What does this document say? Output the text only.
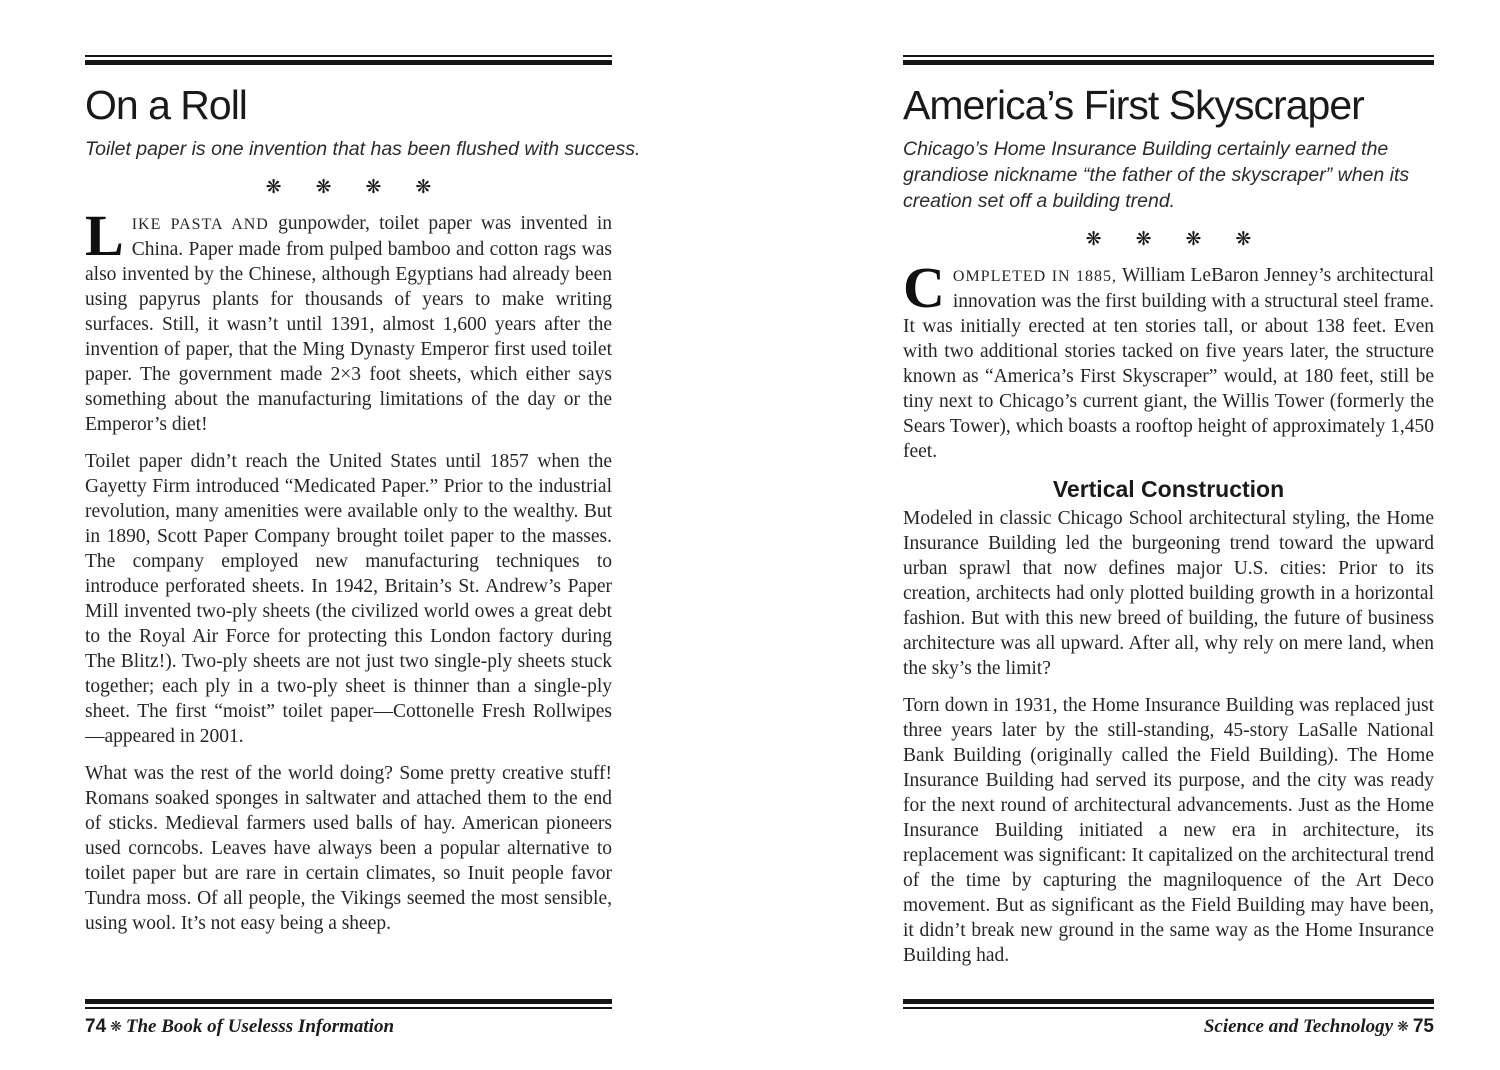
On a Roll

Toilet paper is one invention that has been flushed with success.

❋ ❋ ❋ ❋

LIKE PASTA AND gunpowder, toilet paper was invented in China. Paper made from pulped bamboo and cotton rags was also invented by the Chinese, although Egyptians had already been using papyrus plants for thousands of years to make writing surfaces. Still, it wasn’t until 1391, almost 1,600 years after the invention of paper, that the Ming Dynasty Emperor first used toilet paper. The government made 2×3 foot sheets, which either says something about the manufacturing limitations of the day or the Emperor’s diet!

Toilet paper didn’t reach the United States until 1857 when the Gayetty Firm introduced “Medicated Paper.” Prior to the industrial revolution, many amenities were available only to the wealthy. But in 1890, Scott Paper Company brought toilet paper to the masses. The company employed new manufacturing techniques to introduce perforated sheets. In 1942, Britain’s St. Andrew’s Paper Mill invented two-ply sheets (the civilized world owes a great debt to the Royal Air Force for protecting this London factory during The Blitz!). Two-ply sheets are not just two single-ply sheets stuck together; each ply in a two-ply sheet is thinner than a single-ply sheet. The first “moist” toilet paper—Cottonelle Fresh Rollwipes—appeared in 2001.

What was the rest of the world doing? Some pretty creative stuff! Romans soaked sponges in saltwater and attached them to the end of sticks. Medieval farmers used balls of hay. American pioneers used corncobs. Leaves have always been a popular alternative to toilet paper but are rare in certain climates, so Inuit people favor Tundra moss. Of all people, the Vikings seemed the most sensible, using wool. It’s not easy being a sheep.

74 ❋ The Book of Uselesss Information
America’s First Skyscraper

Chicago’s Home Insurance Building certainly earned the grandiose nickname “the father of the skyscraper” when its creation set off a building trend.

❋ ❋ ❋ ❋

COMPLETED IN 1885, William LeBaron Jenney’s architectural innovation was the first building with a structural steel frame. It was initially erected at ten stories tall, or about 138 feet. Even with two additional stories tacked on five years later, the structure known as “America’s First Skyscraper” would, at 180 feet, still be tiny next to Chicago’s current giant, the Willis Tower (formerly the Sears Tower), which boasts a rooftop height of approximately 1,450 feet.

Vertical Construction

Modeled in classic Chicago School architectural styling, the Home Insurance Building led the burgeoning trend toward the upward urban sprawl that now defines major U.S. cities: Prior to its creation, architects had only plotted building growth in a horizontal fashion. But with this new breed of building, the future of business architecture was all upward. After all, why rely on mere land, when the sky’s the limit?

Torn down in 1931, the Home Insurance Building was replaced just three years later by the still-standing, 45-story LaSalle National Bank Building (originally called the Field Building). The Home Insurance Building had served its purpose, and the city was ready for the next round of architectural advancements. Just as the Home Insurance Building initiated a new era in architecture, its replacement was significant: It capitalized on the architectural trend of the time by capturing the magniloquence of the Art Deco movement. But as significant as the Field Building may have been, it didn’t break new ground in the same way as the Home Insurance Building had.

Science and Technology ❋ 75
